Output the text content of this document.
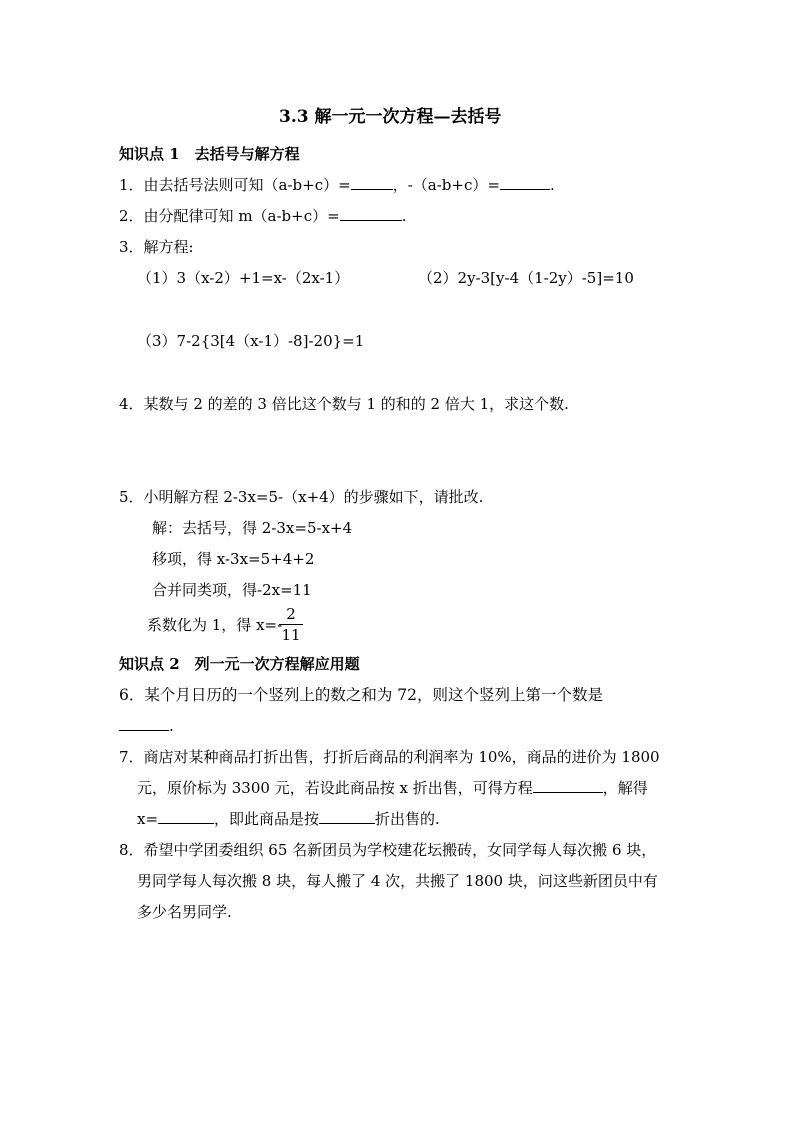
3.3 解一元一次方程—去括号
知识点 1　去括号与解方程
1．由去括号法则可知（a-b+c）=	，-（a-b+c）=	.
2．由分配律可知 m（a-b+c）=	.
3．解方程:
（1）3（x-2）+1=x-（2x-1）	（2）2y-3[y-4（1-2y）-5]=10
（3）7-2{3[4（x-1）-8]-20}=1
4．某数与 2 的差的 3 倍比这个数与 1 的和的 2 倍大 1，求这个数.
5．小明解方程 2-3x=5-（x+4）的步骤如下，请批改.
解：去括号，得 2-3x=5-x+4
移项，得 x-3x=5+4+2
合并同类项，得-2x=11
系数化为 1，得 x=-
2
11
知识点 2　列一元一次方程解应用题
6．某个月日历的一个竖列上的数之和为 72，则这个竖列上第一个数是
.
7．商店对某种商品打折出售，打折后商品的利润率为 10%，商品的进价为 1800
元，原价标为 3300 元，若设此商品按 x 折出售，可得方程	，解得
x=	，即此商品是按	折出售的.
8．希望中学团委组织 65 名新团员为学校建花坛搬砖，女同学每人每次搬 6 块，
男同学每人每次搬 8 块，每人搬了 4 次，共搬了 1800 块，问这些新团员中有
多少名男同学.
